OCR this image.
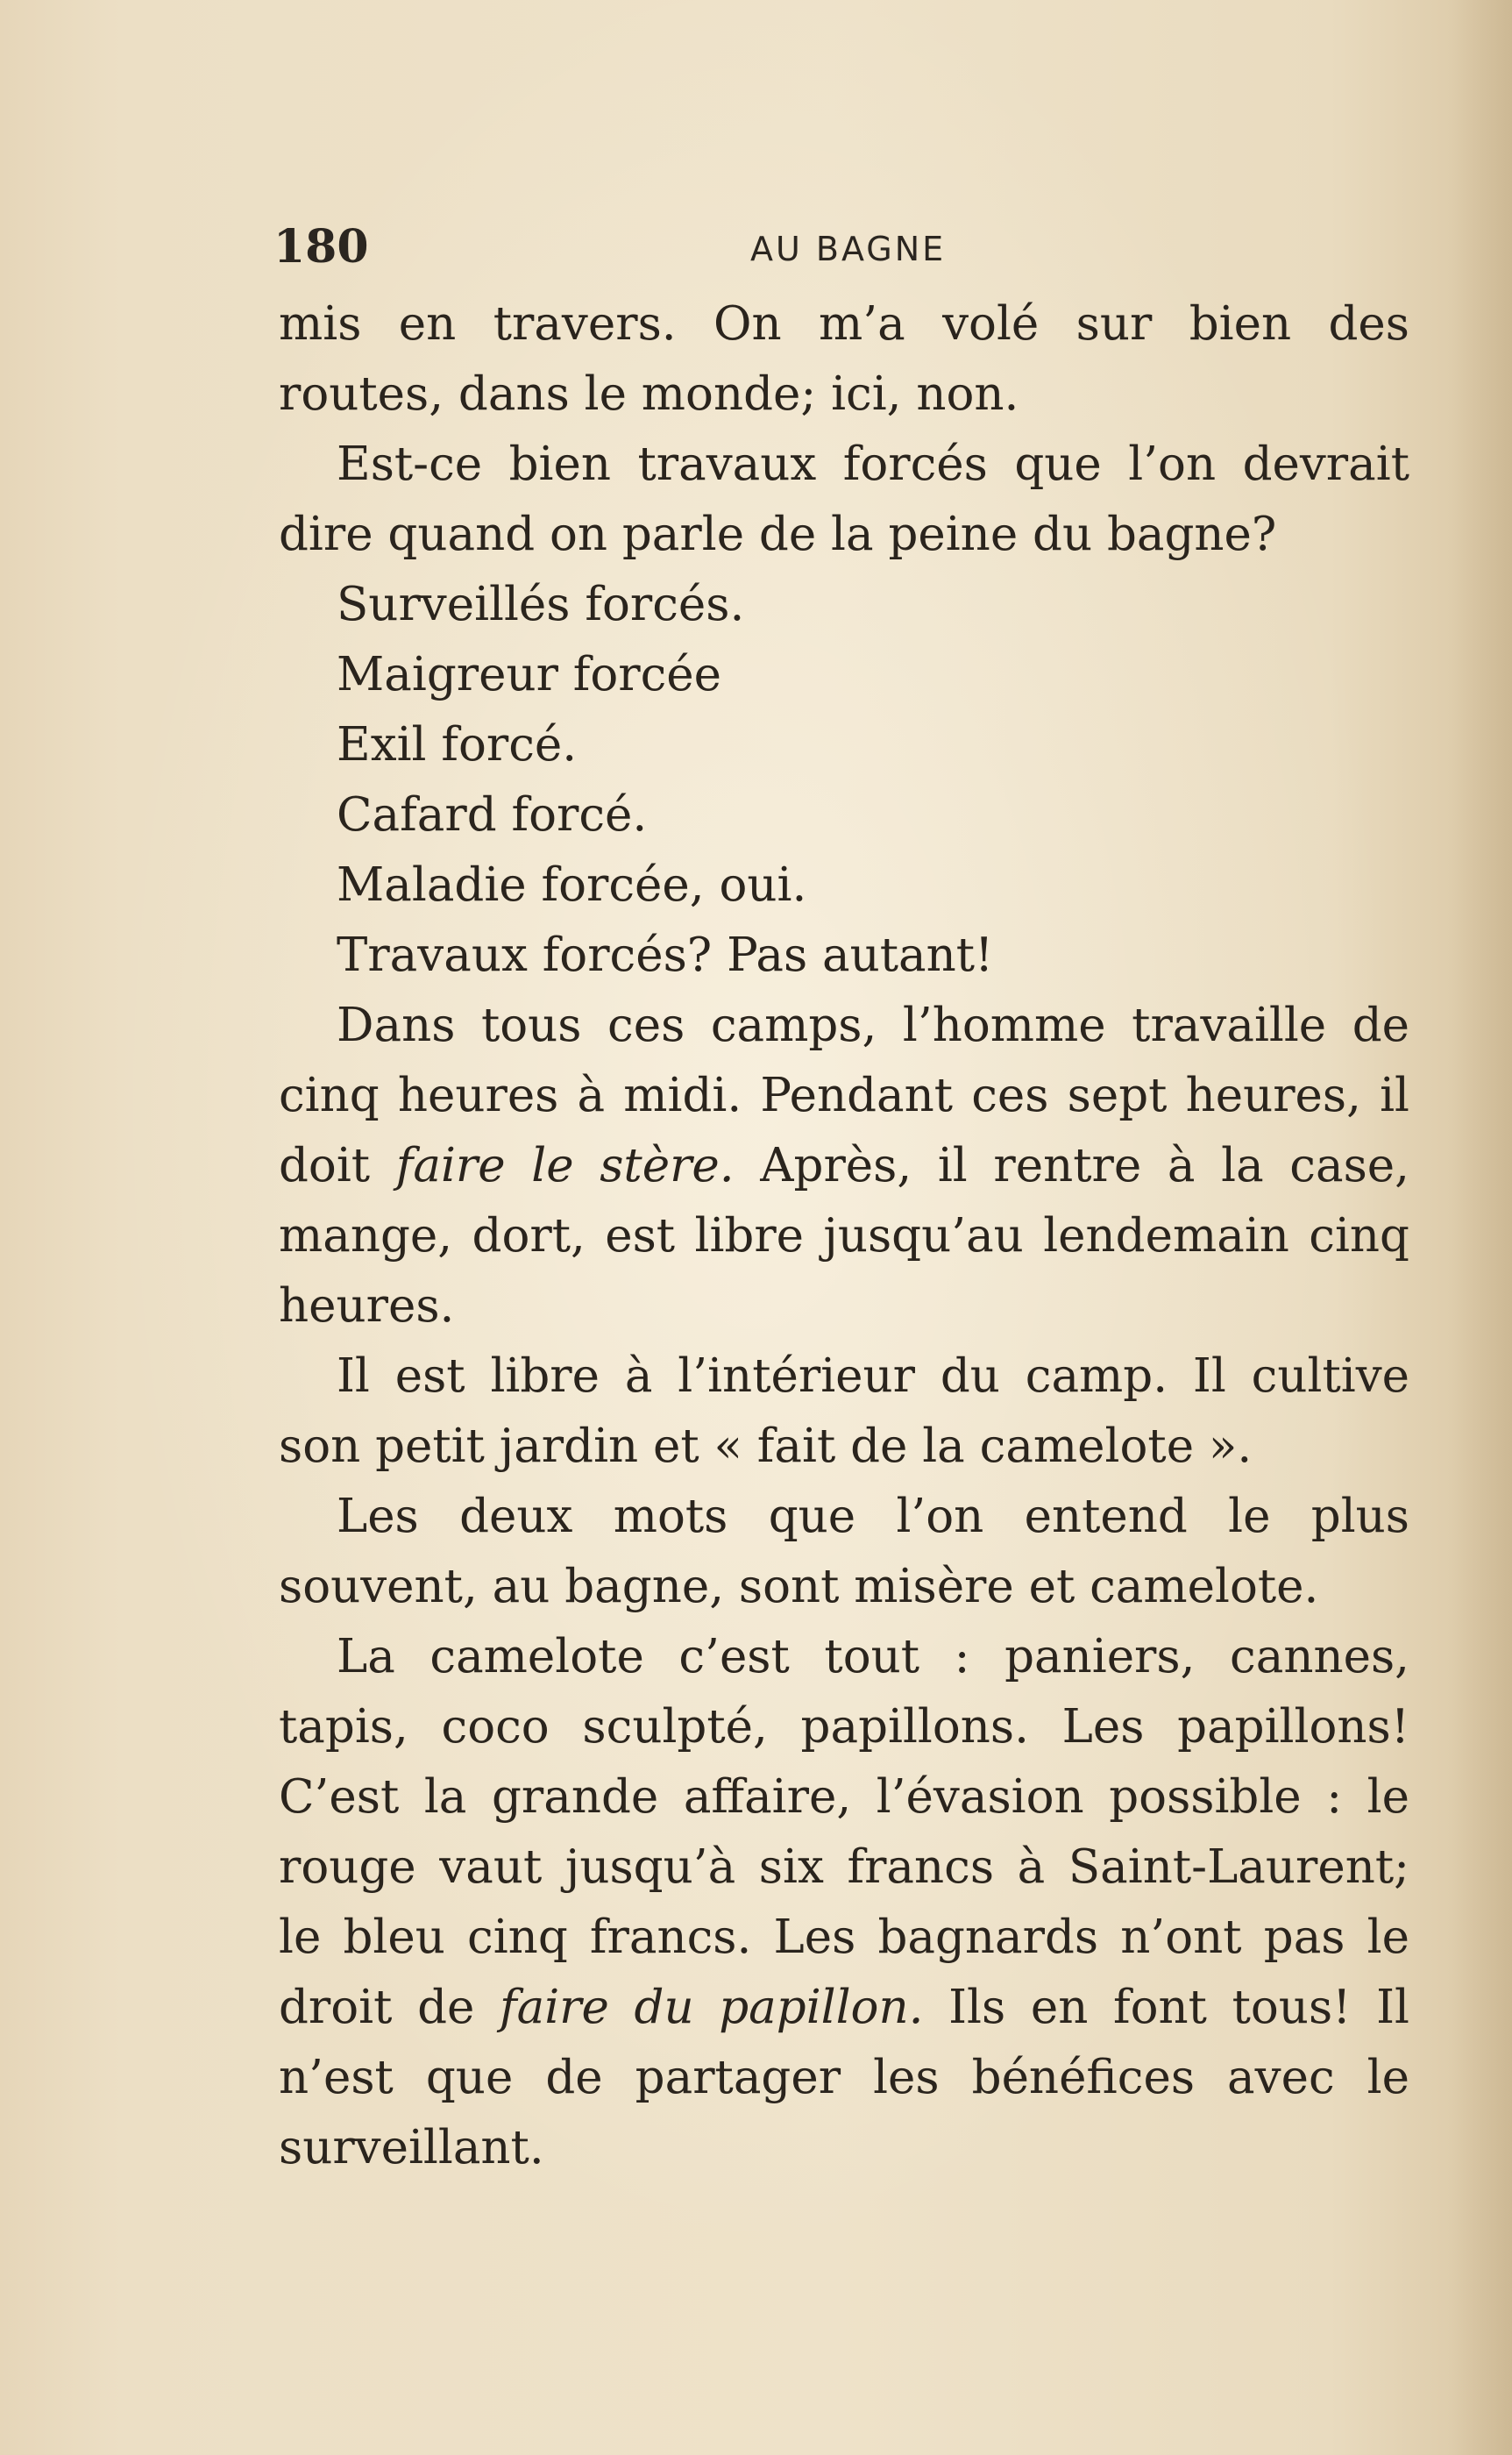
180	AU BAGNE

mis en travers. On m’a volé sur bien des routes, dans le monde; ici, non.

Est-ce bien travaux forcés que l’on devrait dire quand on parle de la peine du bagne?

Surveillés forcés.

Maigreur forcée

Exil forcé.

Cafard forcé.

Maladie forcée, oui.

Travaux forcés? Pas autant!

Dans tous ces camps, l’homme travaille de cinq heures à midi. Pendant ces sept heures, il doit faire le stère. Après, il rentre à la case, mange, dort, est libre jusqu’au lendemain cinq heures.

Il est libre à l’intérieur du camp. Il cultive son petit jardin et « fait de la camelote ».

Les deux mots que l’on entend le plus souvent, au bagne, sont misère et camelote.

La camelote c’est tout : paniers, cannes, tapis, coco sculpté, papillons. Les papillons! C’est la grande affaire, l’évasion possible : le rouge vaut jusqu’à six francs à Saint-Laurent; le bleu cinq francs. Les bagnards n’ont pas le droit de faire du papillon. Ils en font tous! Il n’est que de partager les bénéfices avec le surveillant.
